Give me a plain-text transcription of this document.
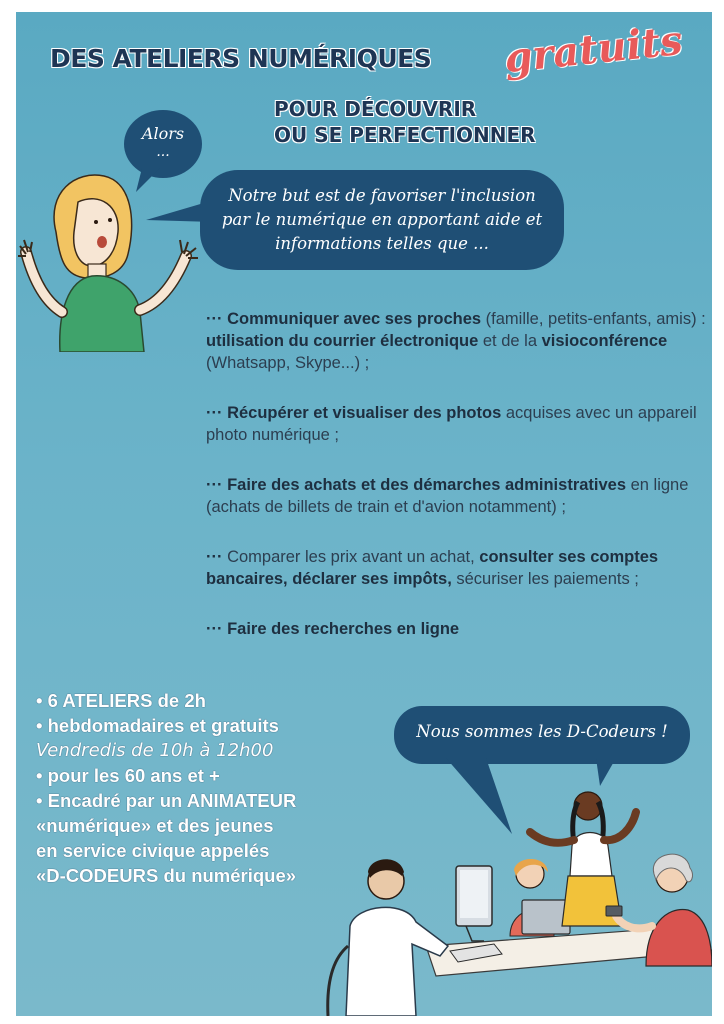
DES ATELIERS NUMÉRIQUES gratuits
POUR DÉCOUVRIR
OU SE PERFECTIONNER
Alors
...
Notre but est de favoriser l'inclusion
par le numérique en apportant aide et
informations telles que ...

··· Communiquer avec ses proches (famille, petits-enfants, amis) : utilisation du courrier électronique et de la visioconférence (Whatsapp, Skype...) ;

··· Récupérer et visualiser des photos acquises avec un appareil photo numérique ;

··· Faire des achats et des démarches administratives en ligne (achats de billets de train et d'avion notamment) ;

··· Comparer les prix avant un achat, consulter ses comptes bancaires, déclarer ses impôts, sécuriser les paiements ;

··· Faire des recherches en ligne

• 6 ATELIERS de 2h
• hebdomadaires et gratuits
Vendredis de 10h à 12h00
• pour les 60 ans et +
• Encadré par un ANIMATEUR
«numérique» et des jeunes
en service civique appelés
«D-CODEURS du numérique»
Nous sommes les D-Codeurs !
